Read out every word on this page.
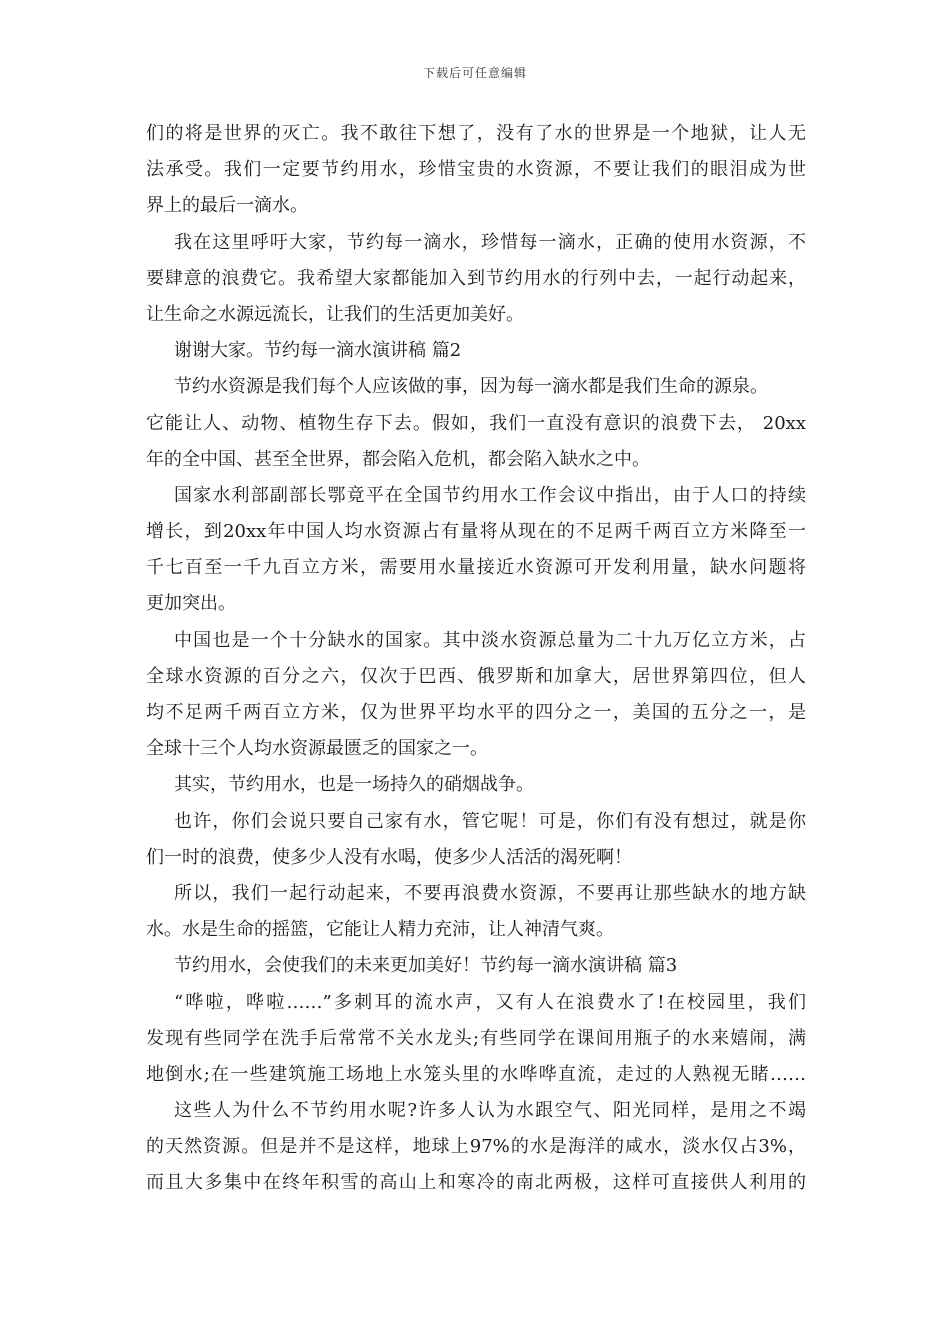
下载后可任意编辑
们的将是世界的灭亡。我不敢往下想了，没有了水的世界是一个地狱，让人无
法承受。我们一定要节约用水，珍惜宝贵的水资源，不要让我们的眼泪成为世
界上的最后一滴水。
我在这里呼吁大家，节约每一滴水，珍惜每一滴水，正确的使用水资源，不
要肆意的浪费它。我希望大家都能加入到节约用水的行列中去，一起行动起来，
让生命之水源远流长，让我们的生活更加美好。
谢谢大家。节约每一滴水演讲稿 篇2
节约水资源是我们每个人应该做的事，因为每一滴水都是我们生命的源泉。
它能让人、动物、植物生存下去。假如，我们一直没有意识的浪费下去， 20xx
年的全中国、甚至全世界，都会陷入危机，都会陷入缺水之中。
国家水利部副部长鄂竟平在全国节约用水工作会议中指出，由于人口的持续
增长，到20xx年中国人均水资源占有量将从现在的不足两千两百立方米降至一
千七百至一千九百立方米，需要用水量接近水资源可开发利用量，缺水问题将
更加突出。
中国也是一个十分缺水的国家。其中淡水资源总量为二十九万亿立方米，占
全球水资源的百分之六，仅次于巴西、俄罗斯和加拿大，居世界第四位，但人
均不足两千两百立方米，仅为世界平均水平的四分之一，美国的五分之一，是
全球十三个人均水资源最匮乏的国家之一。
其实，节约用水，也是一场持久的硝烟战争。
也许，你们会说只要自己家有水，管它呢！可是，你们有没有想过，就是你
们一时的浪费，使多少人没有水喝，使多少人活活的渴死啊！
所以，我们一起行动起来，不要再浪费水资源，不要再让那些缺水的地方缺
水。水是生命的摇篮，它能让人精力充沛，让人神清气爽。
节约用水，会使我们的未来更加美好！节约每一滴水演讲稿 篇3
“哗啦，哗啦……”多刺耳的流水声，又有人在浪费水了!在校园里，我们
发现有些同学在洗手后常常不关水龙头;有些同学在课间用瓶子的水来嬉闹，满
地倒水;在一些建筑施工场地上水笼头里的水哗哗直流，走过的人熟视无睹……
这些人为什么不节约用水呢?许多人认为水跟空气、阳光同样，是用之不竭
的天然资源。但是并不是这样，地球上97%的水是海洋的咸水，淡水仅占3%，
而且大多集中在终年积雪的高山上和寒冷的南北两极，这样可直接供人利用的
